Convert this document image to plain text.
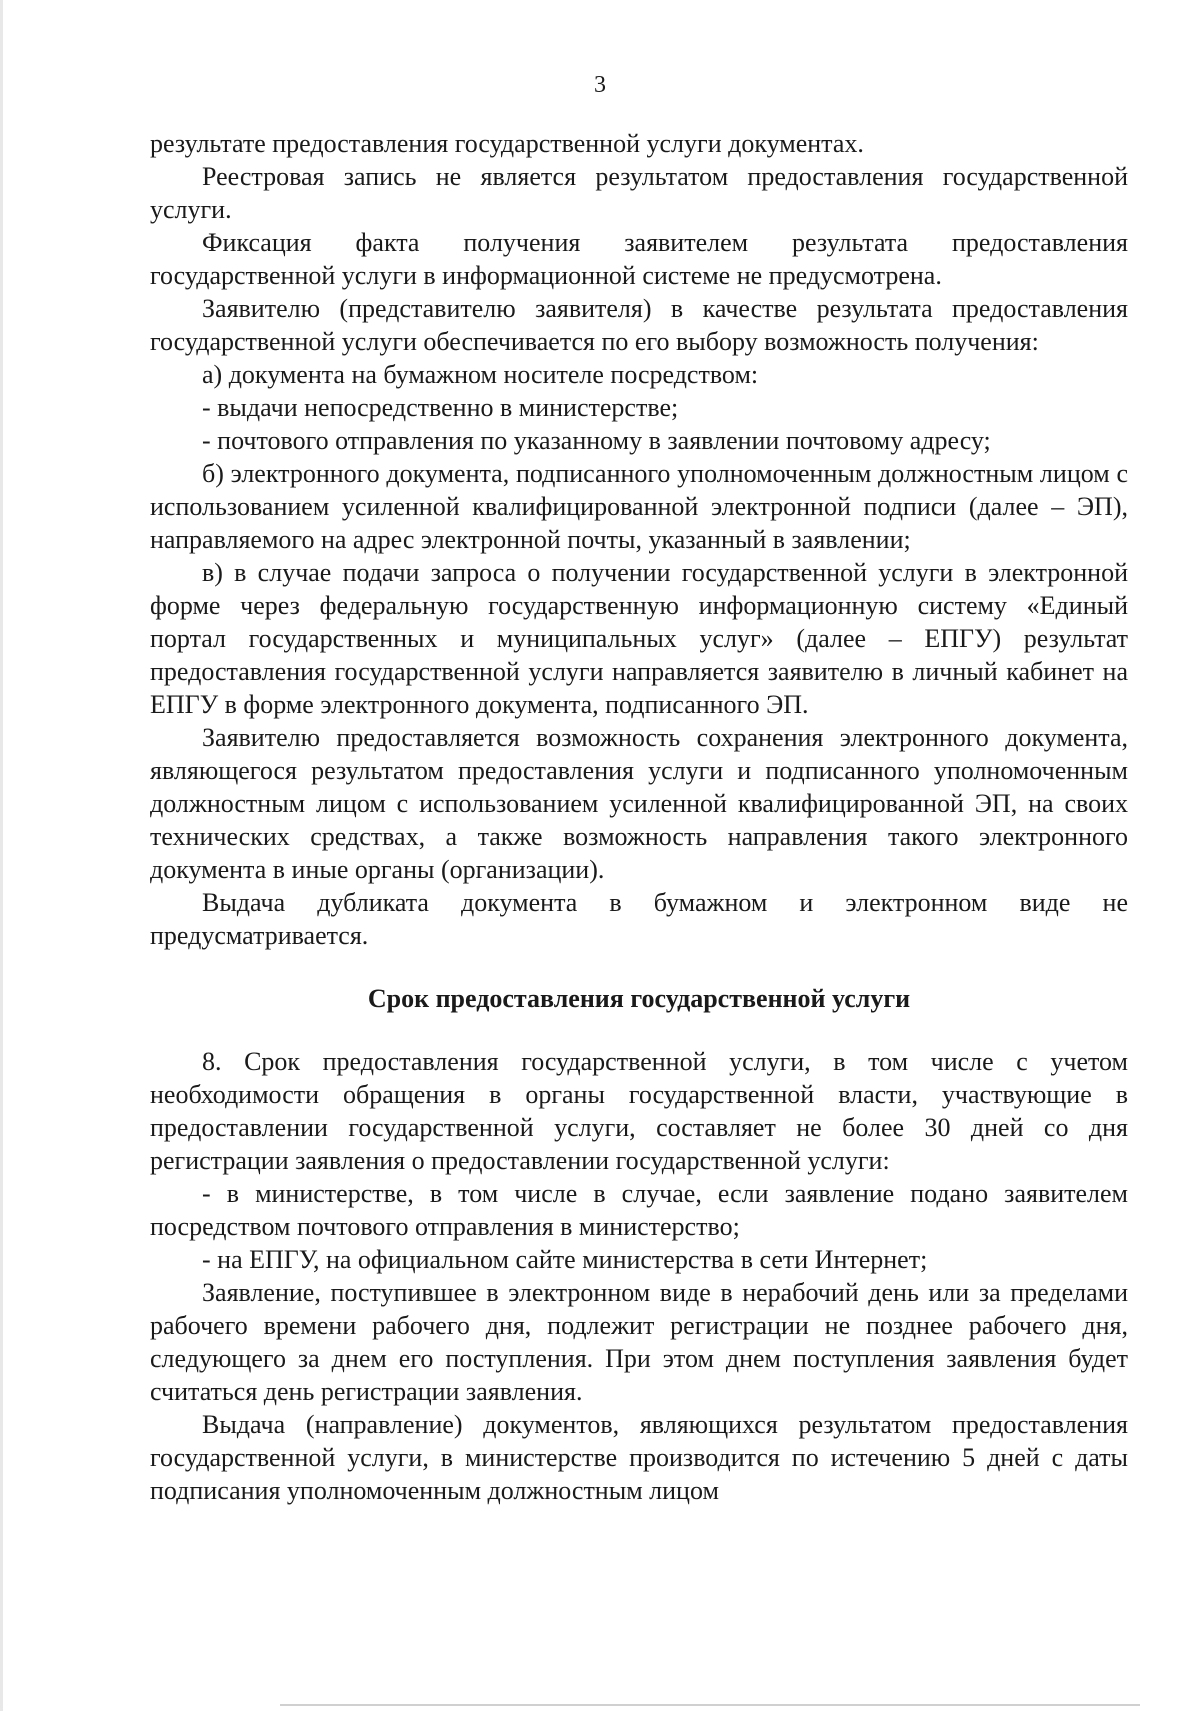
3

результате предоставления государственной услуги документах.

Реестровая запись не является результатом предоставления государственной услуги.

Фиксация факта получения заявителем результата предоставления государственной услуги в информационной системе не предусмотрена.

Заявителю (представителю заявителя) в качестве результата предоставления государственной услуги обеспечивается по его выбору возможность получения:

а) документа на бумажном носителе посредством:

- выдачи непосредственно в министерстве;

- почтового отправления по указанному в заявлении почтовому адресу;

б) электронного документа, подписанного уполномоченным должностным лицом с использованием усиленной квалифицированной электронной подписи (далее – ЭП), направляемого на адрес электронной почты, указанный в заявлении;

в) в случае подачи запроса о получении государственной услуги в электронной форме через федеральную государственную информационную систему «Единый портал государственных и муниципальных услуг» (далее – ЕПГУ) результат предоставления государственной услуги направляется заявителю в личный кабинет на ЕПГУ в форме электронного документа, подписанного ЭП.

Заявителю предоставляется возможность сохранения электронного документа, являющегося результатом предоставления услуги и подписанного уполномоченным должностным лицом с использованием усиленной квалифицированной ЭП, на своих технических средствах, а также возможность направления такого электронного документа в иные органы (организации).

Выдача дубликата документа в бумажном и электронном виде не предусматривается.

Срок предоставления государственной услуги

8. Срок предоставления государственной услуги, в том числе с учетом необходимости обращения в органы государственной власти, участвующие в предоставлении государственной услуги, составляет не более 30 дней со дня регистрации заявления о предоставлении государственной услуги:

- в министерстве, в том числе в случае, если заявление подано заявителем посредством почтового отправления в министерство;

- на ЕПГУ, на официальном сайте министерства в сети Интернет;

Заявление, поступившее в электронном виде в нерабочий день или за пределами рабочего времени рабочего дня, подлежит регистрации не позднее рабочего дня, следующего за днем его поступления. При этом днем поступления заявления будет считаться день регистрации заявления.

Выдача (направление) документов, являющихся результатом предоставления государственной услуги, в министерстве производится по истечению 5 дней с даты подписания уполномоченным должностным лицом
